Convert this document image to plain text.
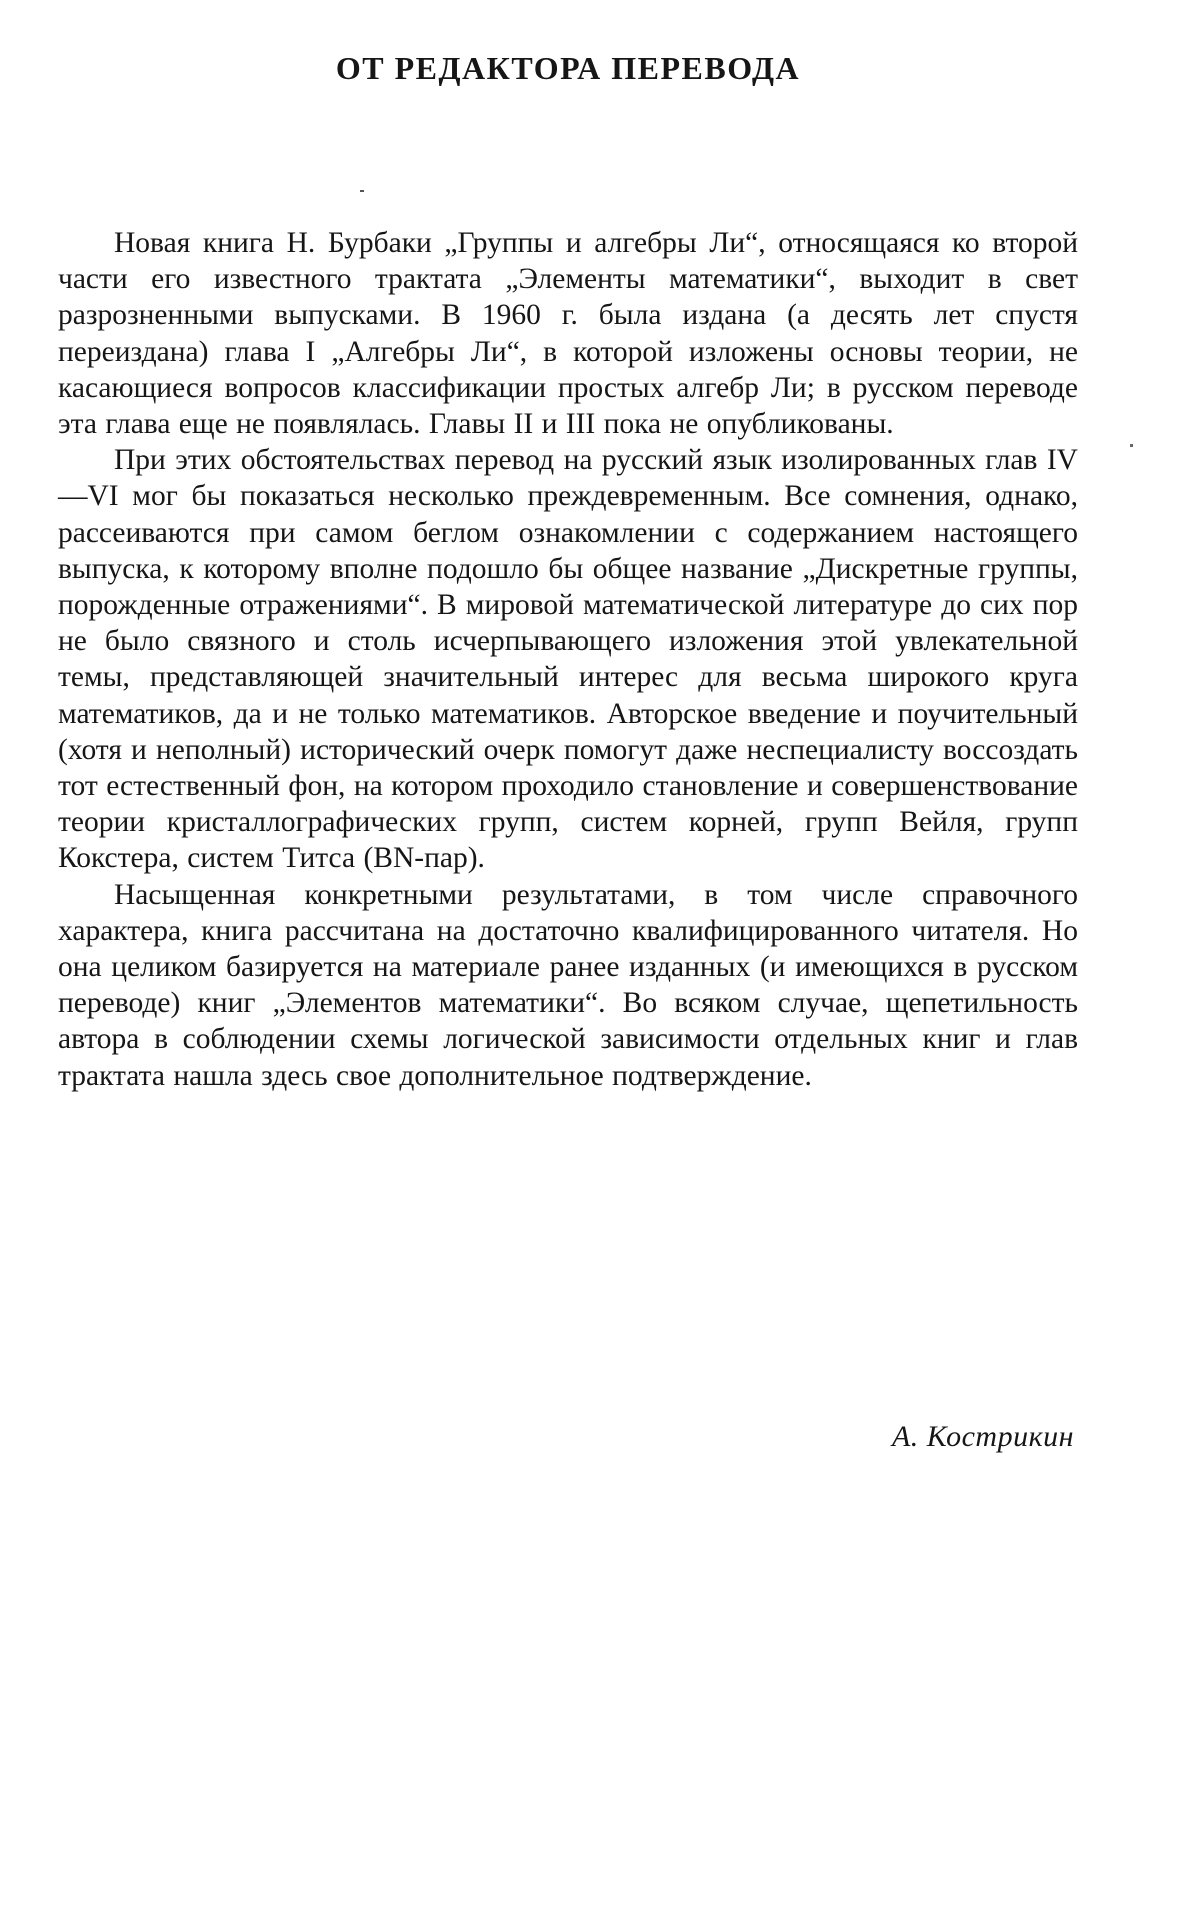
ОТ РЕДАКТОРА ПЕРЕВОДА

Новая книга Н. Бурбаки „Группы и алгебры Ли“, относящаяся ко второй части его известного трактата „Элементы математики“, выходит в свет разрозненными выпусками. В 1960 г. была издана (а десять лет спустя переиздана) глава I „Алгебры Ли“, в которой изложены основы теории, не касающиеся вопросов классификации простых алгебр Ли; в русском переводе эта глава еще не появлялась. Главы II и III пока не опубликованы.

При этих обстоятельствах перевод на русский язык изолированных глав IV—VI мог бы показаться несколько преждевременным. Все сомнения, однако, рассеиваются при самом беглом ознакомлении с содержанием настоящего выпуска, к которому вполне подошло бы общее название „Дискретные группы, порожденные отражениями“. В мировой математической литературе до сих пор не было связного и столь исчерпывающего изложения этой увлекательной темы, представляющей значительный интерес для весьма широкого круга математиков, да и не только математиков. Авторское введение и поучительный (хотя и неполный) исторический очерк помогут даже неспециалисту воссоздать тот естественный фон, на котором проходило становление и совершенствование теории кристаллографических групп, систем корней, групп Вейля, групп Кокстера, систем Титса (BN-пар).

Насыщенная конкретными результатами, в том числе справочного характера, книга рассчитана на достаточно квалифицированного читателя. Но она целиком базируется на материале ранее изданных (и имеющихся в русском переводе) книг „Элементов математики“. Во всяком случае, щепетильность автора в соблюдении схемы логической зависимости отдельных книг и глав трактата нашла здесь свое дополнительное подтверждение.

А. Кострикин
